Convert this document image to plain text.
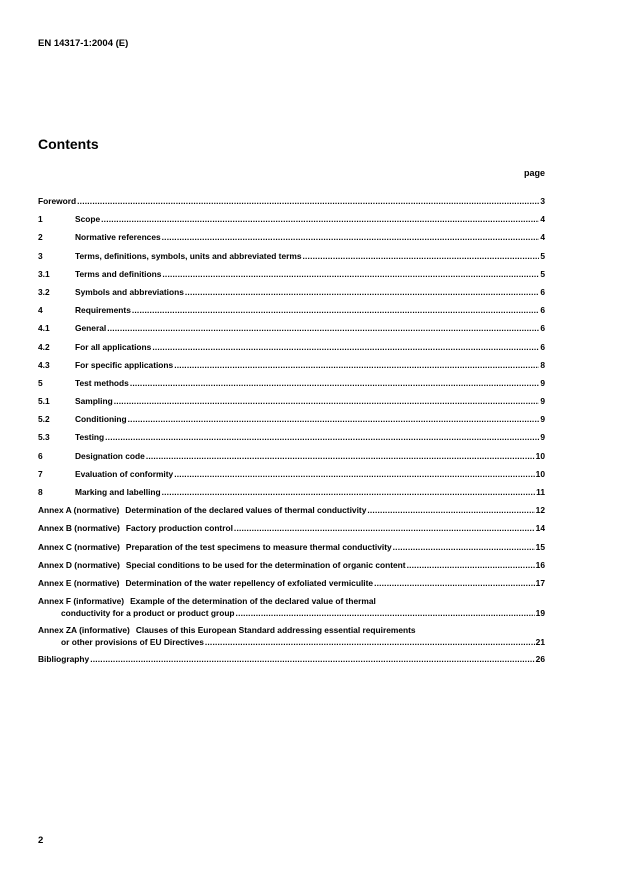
EN 14317-1:2004 (E)
Contents
page
Foreword .....	3
1	Scope .....	4
2	Normative references .....	4
3	Terms, definitions, symbols, units and abbreviated terms .....	5
3.1	Terms and definitions .....	5
3.2	Symbols and abbreviations .....	6
4	Requirements .....	6
4.1	General .....	6
4.2	For all applications .....	6
4.3	For specific applications .....	8
5	Test methods .....	9
5.1	Sampling .....	9
5.2	Conditioning .....	9
5.3	Testing .....	9
6	Designation code .....	10
7	Evaluation of conformity .....	10
8	Marking and labelling .....	11
Annex A (normative) Determination of the declared values of thermal conductivity .....	12
Annex B (normative) Factory production control .....	14
Annex C (normative) Preparation of the test specimens to measure thermal conductivity .....	15
Annex D (normative) Special conditions to be used for the determination of organic content .....	16
Annex E (normative) Determination of the water repellency of exfoliated vermiculite .....	17
Annex F (informative) Example of the determination of the declared value of thermal
conductivity for a product or product group .....	19
Annex ZA (informative) Clauses of this European Standard addressing essential requirements
or other provisions of EU Directives .....	21
Bibliography .....	26
2
